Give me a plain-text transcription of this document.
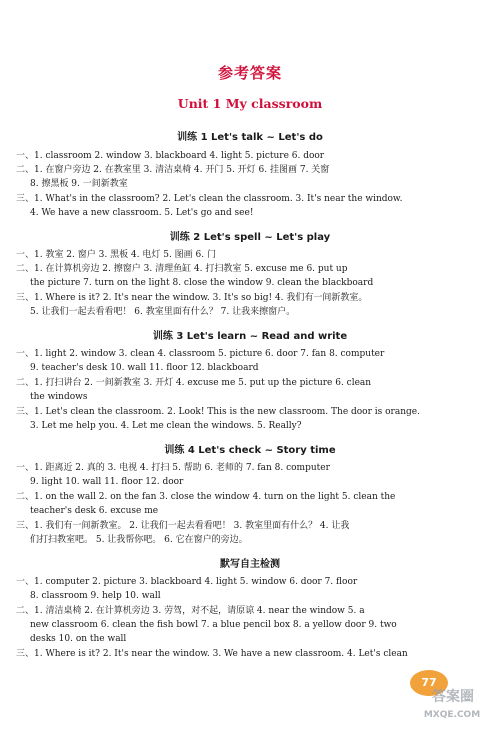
参考答案
Unit 1 My classroom
训练 1 Let's talk ~ Let's do
一、1. classroom 2. window 3. blackboard 4. light 5. picture 6. door
二、1. 在窗户旁边 2. 在教室里 3. 清洁桌椅 4. 开门 5. 开灯 6. 挂图画 7. 关窗
8. 擦黑板 9. 一间新教室
三、1. What's in the classroom? 2. Let's clean the classroom. 3. It's near the window.
4. We have a new classroom. 5. Let's go and see!
训练 2 Let's spell ~ Let's play
一、1. 教室 2. 窗户 3. 黑板 4. 电灯 5. 图画 6. 门
二、1. 在计算机旁边 2. 擦窗户 3. 清理鱼缸 4. 打扫教室 5. excuse me 6. put up
the picture 7. turn on the light 8. close the window 9. clean the blackboard
三、1. Where is it? 2. It's near the window. 3. It's so big! 4. 我们有一间新教室。
5. 让我们一起去看看吧！ 6. 教室里面有什么？ 7. 让我来擦窗户。
训练 3 Let's learn ~ Read and write
一、1. light 2. window 3. clean 4. classroom 5. picture 6. door 7. fan 8. computer
9. teacher's desk 10. wall 11. floor 12. blackboard
二、1. 打扫讲台 2. 一间新教室 3. 开灯 4. excuse me 5. put up the picture 6. clean
the windows
三、1. Let's clean the classroom. 2. Look! This is the new classroom. The door is orange.
3. Let me help you. 4. Let me clean the windows. 5. Really?
训练 4 Let's check ~ Story time
一、1. 距离近 2. 真的 3. 电视 4. 打扫 5. 帮助 6. 老师的 7. fan 8. computer
9. light 10. wall 11. floor 12. door
二、1. on the wall 2. on the fan 3. close the window 4. turn on the light 5. clean the
teacher's desk 6. excuse me
三、1. 我们有一间新教室。 2. 让我们一起去看看吧！ 3. 教室里面有什么？ 4. 让我
们打扫教室吧。 5. 让我帮你吧。 6. 它在窗户的旁边。
默写自主检测
一、1. computer 2. picture 3. blackboard 4. light 5. window 6. door 7. floor
8. classroom 9. help 10. wall
二、1. 清洁桌椅 2. 在计算机旁边 3. 劳驾，对不起，请原谅 4. near the window 5. a
new classroom 6. clean the fish bowl 7. a blue pencil box 8. a yellow door 9. two
desks 10. on the wall
三、1. Where is it? 2. It's near the window. 3. We have a new classroom. 4. Let's clean
77
答案圈
MXQE.COM
